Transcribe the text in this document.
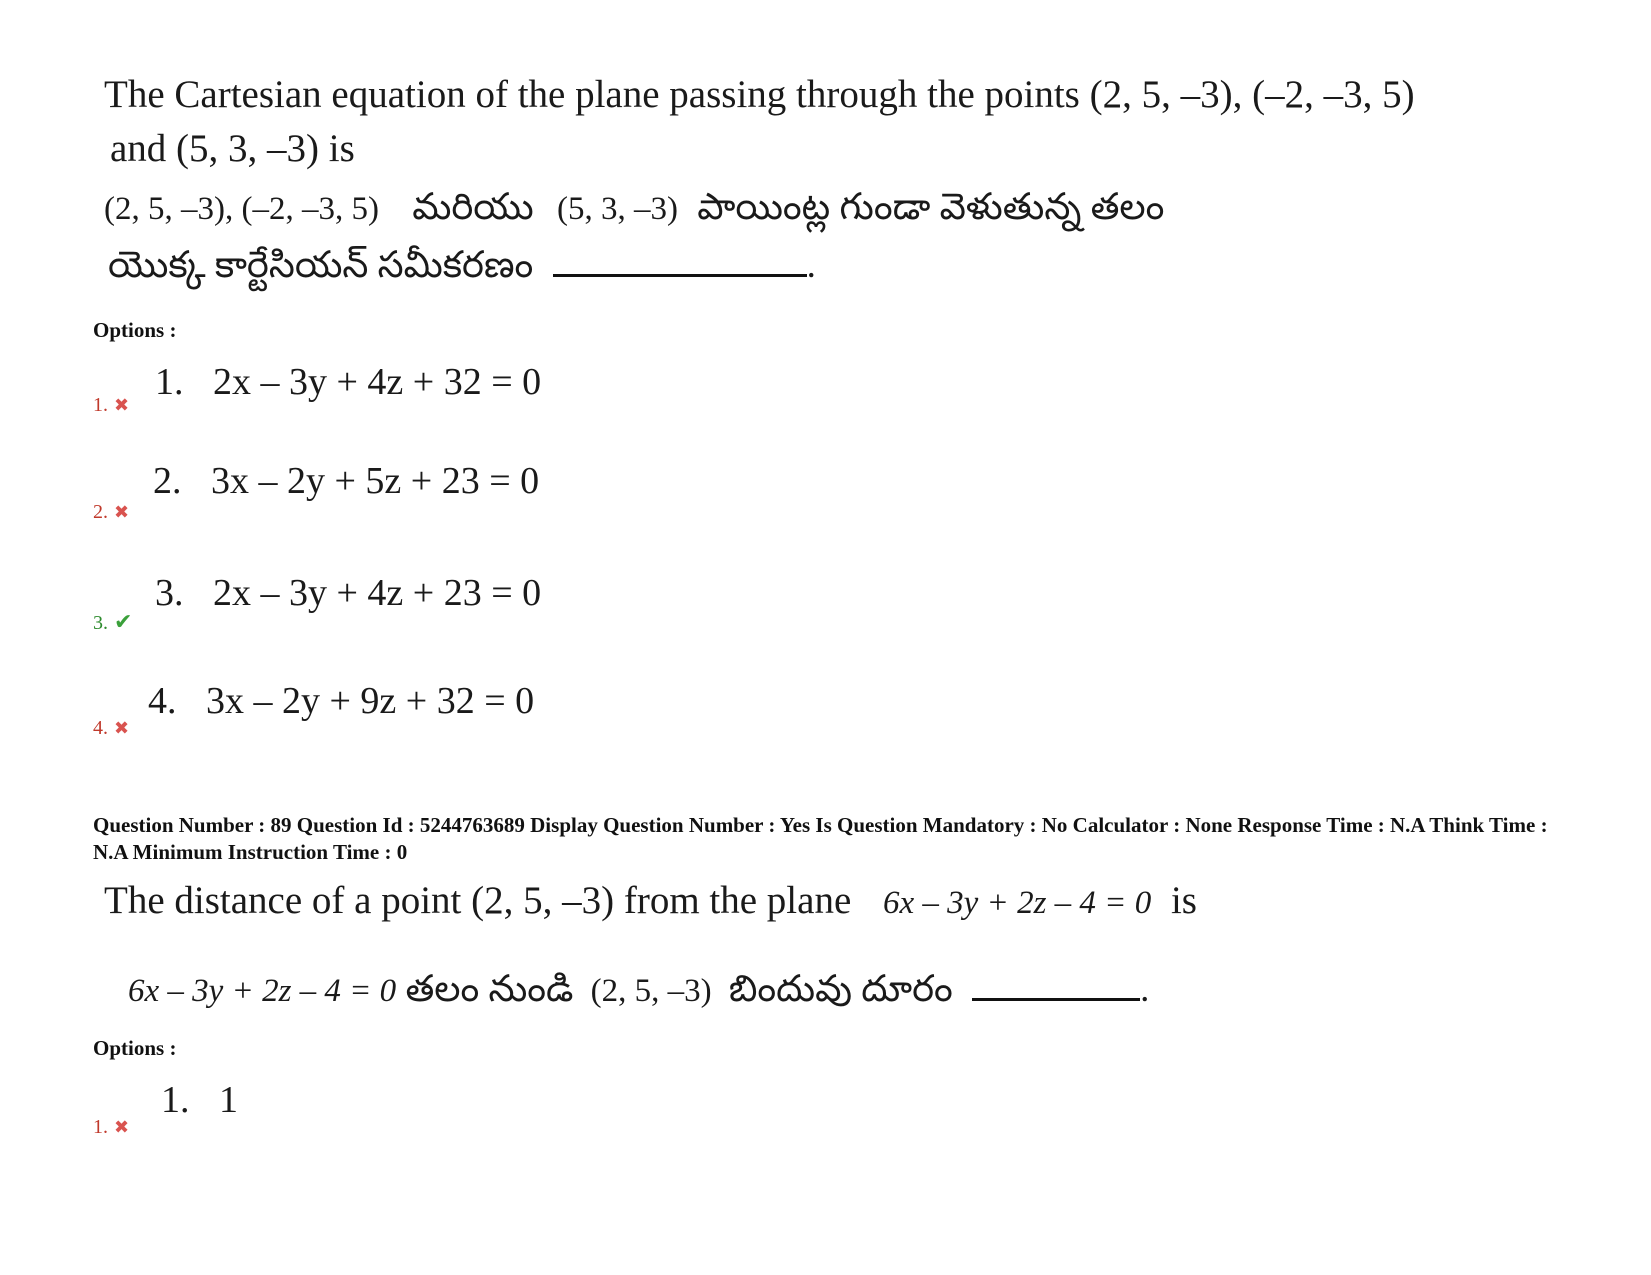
The Cartesian equation of the plane passing through the points (2, 5, –3), (–2, –3, 5)
and (5, 3, –3) is
(2, 5, –3), (–2, –3, 5) మరియు (5, 3, –3) పాయింట్ల గుండా వెళుతున్న తలం
యొక్క కార్టేసియన్ సమీకరణం	.
Options :
1. ✖
1. 2x – 3y + 4z + 32 = 0
2. ✖
2. 3x – 2y + 5z + 23 = 0
3. ✔
3. 2x – 3y + 4z + 23 = 0
4. ✖
4. 3x – 2y + 9z + 32 = 0
Question Number : 89 Question Id : 5244763689 Display Question Number : Yes Is Question Mandatory : No Calculator : None Response Time : N.A Think Time : N.A Minimum Instruction Time : 0
The distance of a point (2, 5, –3) from the plane 6x – 3y + 2z – 4 = 0 is
6x – 3y + 2z – 4 = 0 తలం నుండి (2, 5, –3) బిందువు దూరం	.
Options :
1. ✖
1. 1
